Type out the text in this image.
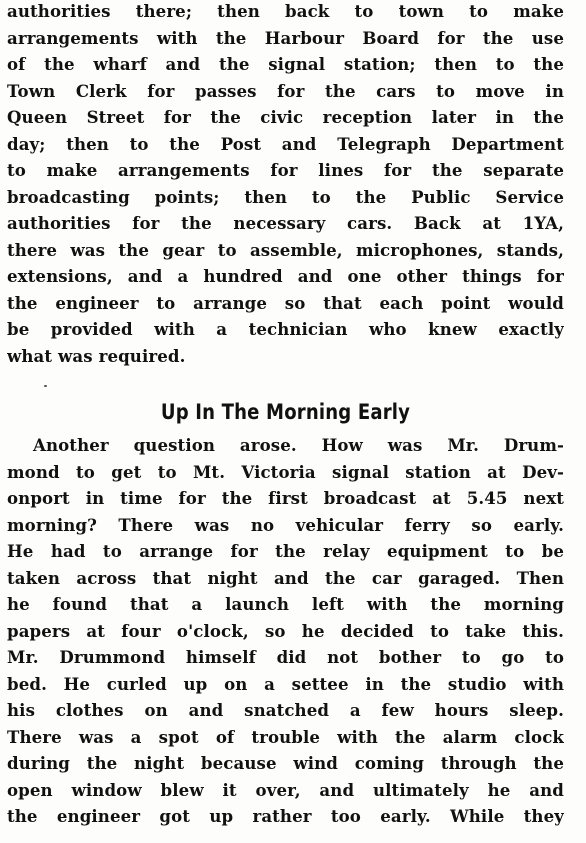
authorities there; then back to town to make
arrangements with the Harbour Board for the use
of the wharf and the signal station; then to the
Town Clerk for passes for the cars to move in
Queen Street for the civic reception later in the
day; then to the Post and Telegraph Department
to make arrangements for lines for the separate
broadcasting points; then to the Public Service
authorities for the necessary cars. Back at 1YA,
there was the gear to assemble, microphones, stands,
extensions, and a hundred and one other things for
the engineer to arrange so that each point would
be provided with a technician who knew exactly
what was required.
Up In The Morning Early
Another question arose. How was Mr. Drum-
mond to get to Mt. Victoria signal station at Dev-
onport in time for the first broadcast at 5.45 next
morning? There was no vehicular ferry so early.
He had to arrange for the relay equipment to be
taken across that night and the car garaged. Then
he found that a launch left with the morning
papers at four o'clock, so he decided to take this.
Mr. Drummond himself did not bother to go to
bed. He curled up on a settee in the studio with
his clothes on and snatched a few hours sleep.
There was a spot of trouble with the alarm clock
during the night because wind coming through the
open window blew it over, and ultimately he and
the engineer got up rather too early. While they
